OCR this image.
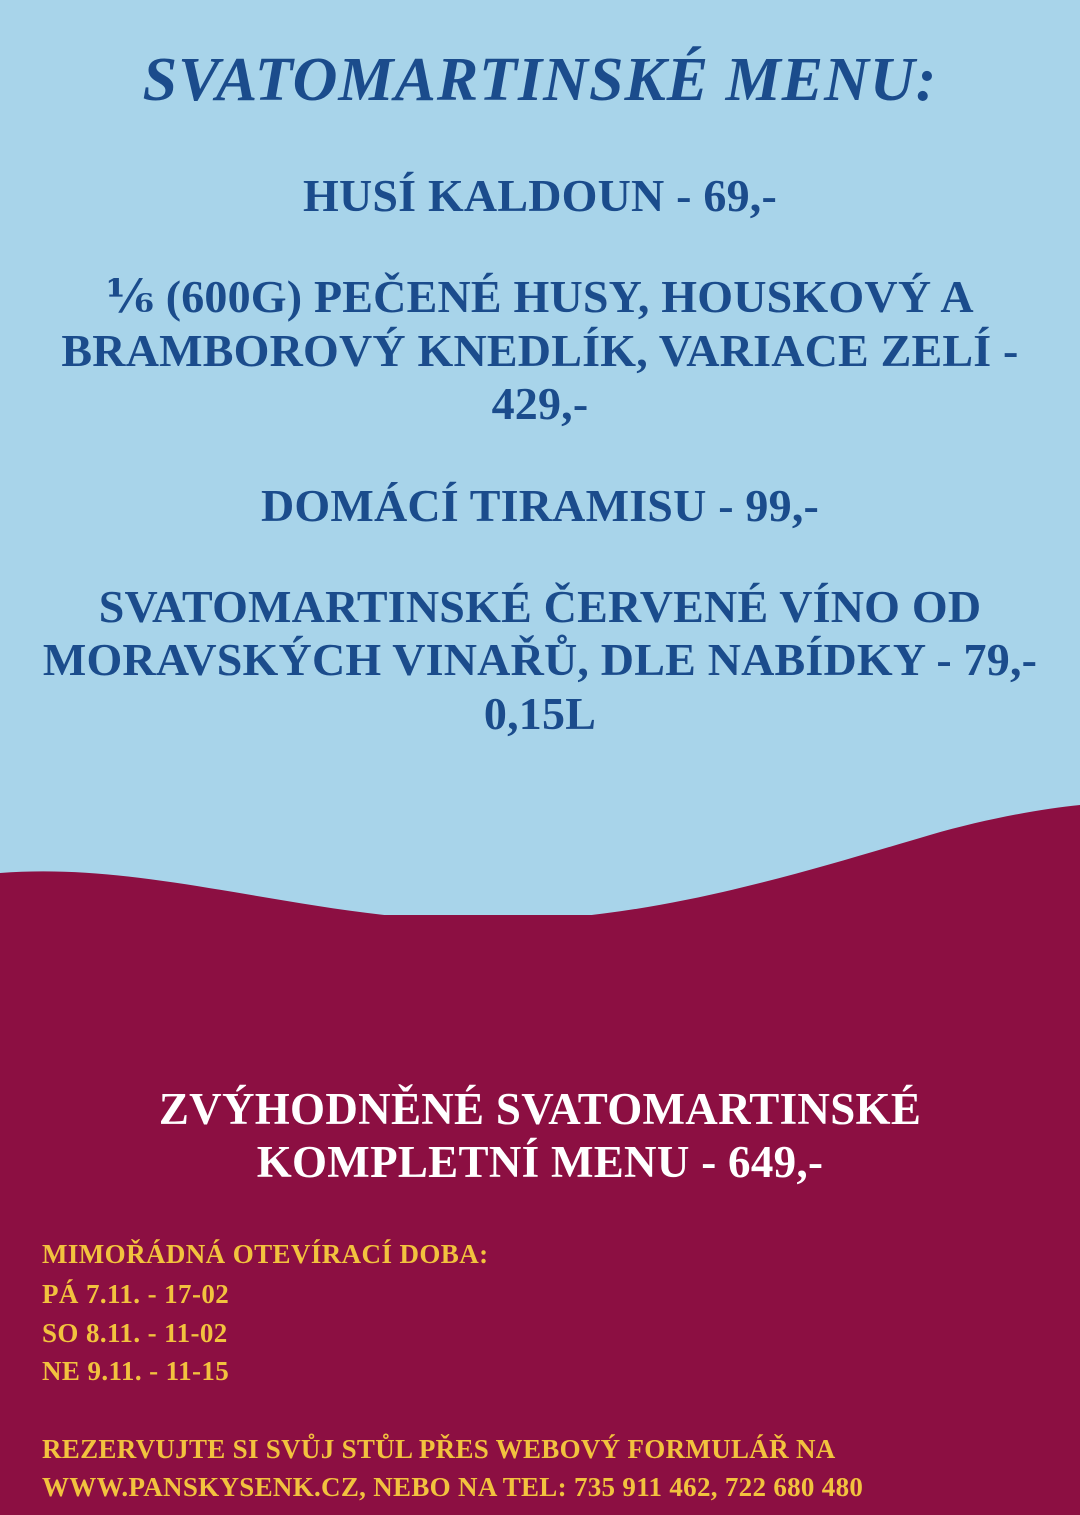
SVATOMARTINSKÉ MENU:
HUSÍ KALDOUN - 69,-
⅙ (600G) PEČENÉ HUSY, HOUSKOVÝ A BRAMBOROVÝ KNEDLÍK, VARIACE ZELÍ - 429,-
DOMÁCÍ TIRAMISU - 99,-
SVATOMARTINSKÉ ČERVENÉ VÍNO OD MORAVSKÝCH VINAŘŮ, DLE NABÍDKY - 79,- 0,15L
ZVÝHODNĚNÉ SVATOMARTINSKÉ KOMPLETNÍ MENU - 649,-
MIMOŘÁDNÁ OTEVÍRACÍ DOBA:
PÁ 7.11. - 17-02
SO 8.11. - 11-02
NE 9.11. - 11-15
REZERVUJTE SI SVŮJ STŮL PŘES WEBOVÝ FORMULÁŘ NA
WWW.PANSKYSENK.CZ, NEBO NA TEL: 735 911 462, 722 680 480
